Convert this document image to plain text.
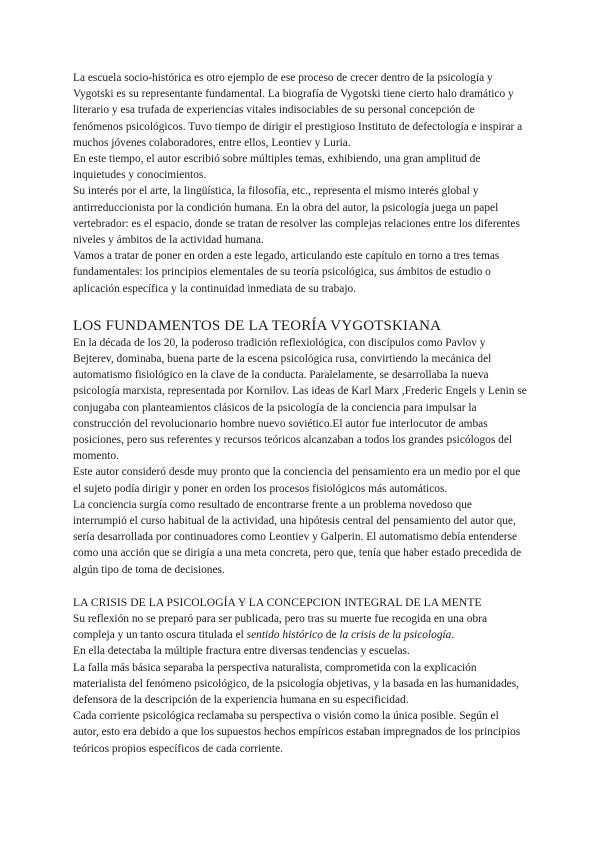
La escuela socio-histórica es otro ejemplo de ese proceso de crecer dentro de la psicología y Vygotski es su representante fundamental. La biografía de Vygotski tiene cierto halo dramático y literario y esa trufada de experiencias vitales indisociables de su personal concepción de fenómenos psicológicos. Tuvo tiempo de dirigir el prestigioso Instituto de defectología e inspirar a muchos jóvenes colaboradores, entre ellos, Leontiev y Luria.

En este tiempo, el autor escribió sobre múltiples temas, exhibiendo, una gran amplitud de inquietudes y conocimientos.

Su interés por el arte, la lingüística, la filosofía, etc., representa el mismo interés global y antirreduccionista por la condición humana. En la obra del autor, la psicología juega un papel vertebrador: es el espacio, donde se tratan de resolver las complejas relaciones entre los diferentes niveles y ámbitos de la actividad humana.

Vamos a tratar de poner en orden a este legado, articulando este capítulo en torno a tres temas fundamentales: los principios elementales de su teoría psicológica, sus ámbitos de estudio o aplicación específica y la continuidad inmediata de su trabajo.

LOS FUNDAMENTOS DE LA TEORÍA VYGOTSKIANA

En la década de los 20, la poderoso tradición reflexiológica, con discípulos como Pavlov y Bejterev, dominaba, buena parte de la escena psicológica rusa, convirtiendo la mecánica del automatismo fisiológico en la clave de la conducta. Paralelamente, se desarrollaba la nueva psicología marxista, representada por Kornilov. Las ideas de Karl Marx ,Frederic Engels y Lenin se conjugaba con planteamientos clásicos de la psicología de la conciencia para impulsar la construcción del revolucionario hombre nuevo soviético.El autor fue interlocutor de ambas posiciones, pero sus referentes y recursos teóricos alcanzaban a todos los grandes psicólogos del momento.

Este autor consideró desde muy pronto que la conciencia del pensamiento era un medio por el que el sujeto podía dirigir y poner en orden los procesos fisiológicos más automáticos.

La conciencia surgía como resultado de encontrarse frente a un problema novedoso que interrumpió el curso habitual de la actividad, una hipótesis central del pensamiento del autor que, sería desarrollada por continuadores como Leontiev y Galperin. El automatismo debía entenderse como una acción que se dirigía a una meta concreta, pero que, tenía que haber estado precedida de algún tipo de toma de decisiones.

LA CRISIS DE LA PSICOLOGÍA Y LA CONCEPCION INTEGRAL DE LA MENTE

Su reflexión no se preparó para ser publicada, pero tras su muerte fue recogida en una obra compleja y un tanto oscura titulada el sentido histórico de la crisis de la psicología.

En ella detectaba la múltiple fractura entre diversas tendencias y escuelas.

La falla más básica separaba la perspectiva naturalista, comprometida con la explicación materialista del fenómeno psicológico, de la psicología objetivas, y la basada en las humanidades, defensora de la descripción de la experiencia humana en su especificidad.

Cada corriente psicológica reclamaba su perspectiva o visión como la única posible. Según el autor, esto era debido a que los supuestos hechos empíricos estaban impregnados de los principios teóricos propios específicos de cada corriente.
